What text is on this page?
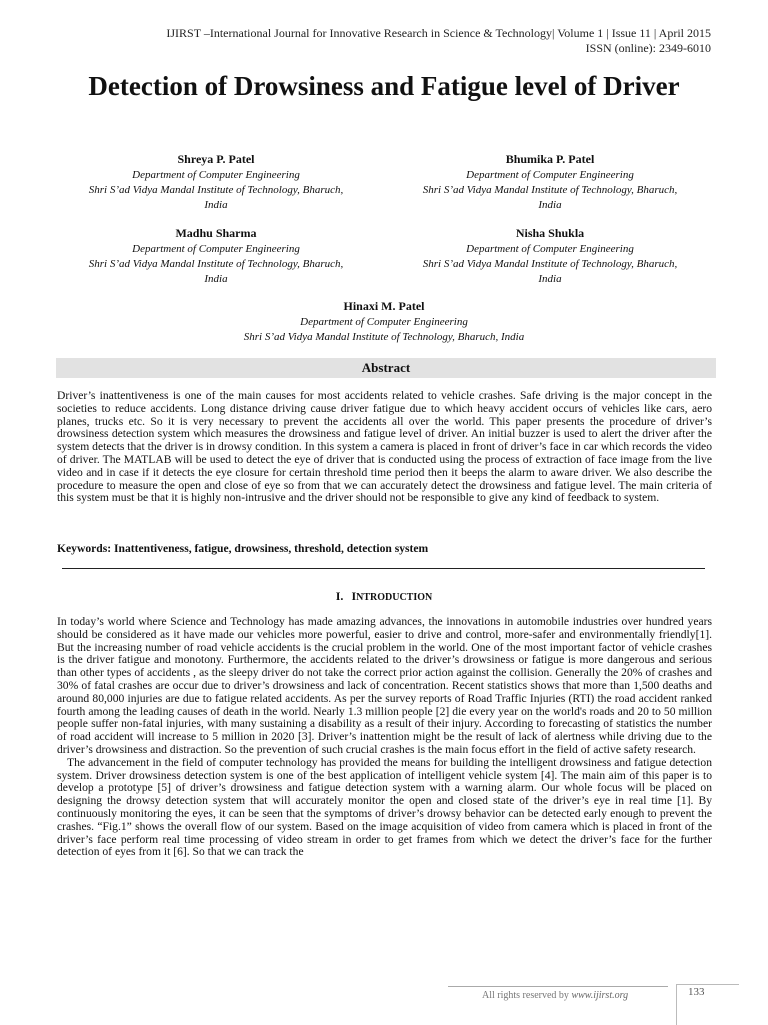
IJIRST –International Journal for Innovative Research in Science & Technology| Volume 1 | Issue 11 | April 2015
ISSN (online): 2349-6010
Detection of Drowsiness and Fatigue level of Driver
Shreya P. Patel
Department of Computer Engineering
Shri S’ad Vidya Mandal Institute of Technology, Bharuch,
India
Bhumika P. Patel
Department of Computer Engineering
Shri S’ad Vidya Mandal Institute of Technology, Bharuch,
India
Madhu Sharma
Department of Computer Engineering
Shri S’ad Vidya Mandal Institute of Technology, Bharuch,
India
Nisha Shukla
Department of Computer Engineering
Shri S’ad Vidya Mandal Institute of Technology, Bharuch,
India
Hinaxi M. Patel
Department of Computer Engineering
Shri S’ad Vidya Mandal Institute of Technology, Bharuch, India
Abstract

Driver’s inattentiveness is one of the main causes for most accidents related to vehicle crashes. Safe driving is the major concept in the societies to reduce accidents. Long distance driving cause driver fatigue due to which heavy accident occurs of vehicles like cars, aero planes, trucks etc. So it is very necessary to prevent the accidents all over the world. This paper presents the procedure of driver’s drowsiness detection system which measures the drowsiness and fatigue level of driver. An initial buzzer is used to alert the driver after the system detects that the driver is in drowsy condition. In this system a camera is placed in front of driver’s face in car which records the video of driver. The MATLAB will be used to detect the eye of driver that is conducted using the process of extraction of face image from the live video and in case if it detects the eye closure for certain threshold time period then it beeps the alarm to aware driver. We also describe the procedure to measure the open and close of eye so from that we can accurately detect the drowsiness and fatigue level. The main criteria of this system must be that it is highly non-intrusive and the driver should not be responsible to give any kind of feedback to system.

Keywords: Inattentiveness, fatigue, drowsiness, threshold, detection system

I. INTRODUCTION

In today’s world where Science and Technology has made amazing advances, the innovations in automobile industries over hundred years should be considered as it have made our vehicles more powerful, easier to drive and control, more-safer and environmentally friendly[1]. But the increasing number of road vehicle accidents is the crucial problem in the world. One of the most important factor of vehicle crashes is the driver fatigue and monotony. Furthermore, the accidents related to the driver’s drowsiness or fatigue is more dangerous and serious than other types of accidents , as the sleepy driver do not take the correct prior action against the collision. Generally the 20% of crashes and 30% of fatal crashes are occur due to driver’s drowsiness and lack of concentration. Recent statistics shows that more than 1,500 deaths and around 80,000 injuries are due to fatigue related accidents. As per the survey reports of Road Traffic Injuries (RTI) the road accident ranked fourth among the leading causes of death in the world. Nearly 1.3 million people [2] die every year on the world's roads and 20 to 50 million people suffer non-fatal injuries, with many sustaining a disability as a result of their injury. According to forecasting of statistics the number of road accident will increase to 5 million in 2020 [3]. Driver’s inattention might be the result of lack of alertness while driving due to the driver’s drowsiness and distraction. So the prevention of such crucial crashes is the main focus effort in the field of active safety research.

The advancement in the field of computer technology has provided the means for building the intelligent drowsiness and fatigue detection system. Driver drowsiness detection system is one of the best application of intelligent vehicle system [4]. The main aim of this paper is to develop a prototype [5] of driver’s drowsiness and fatigue detection system with a warning alarm. Our whole focus will be placed on designing the drowsy detection system that will accurately monitor the open and closed state of the driver’s eye in real time [1]. By continuously monitoring the eyes, it can be seen that the symptoms of driver’s drowsy behavior can be detected early enough to prevent the crashes. “Fig.1” shows the overall flow of our system. Based on the image acquisition of video from camera which is placed in front of the driver’s face perform real time processing of video stream in order to get frames from which we detect the driver’s face for the further detection of eyes from it [6]. So that we can track the

All rights reserved by www.ijirst.org	133
